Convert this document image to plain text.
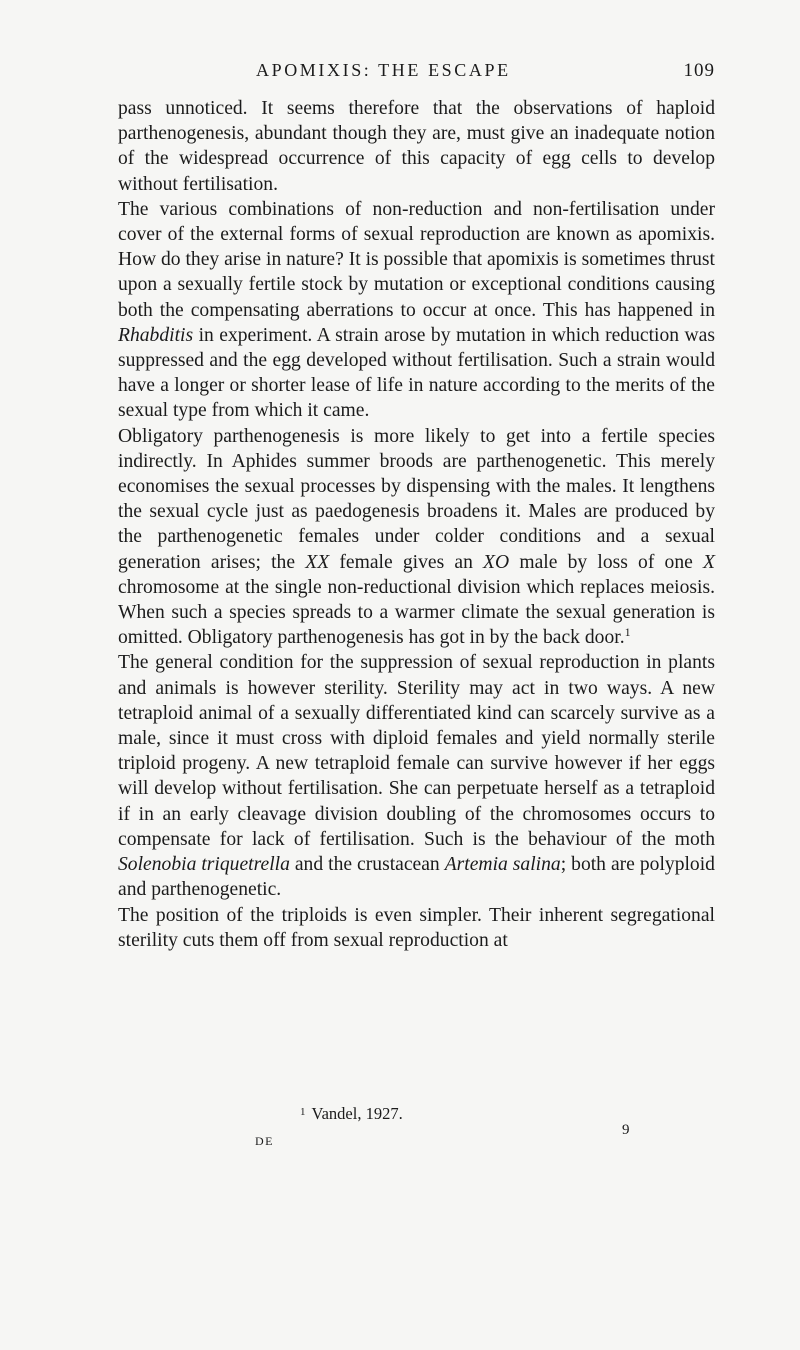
APOMIXIS: THE ESCAPE	109

pass unnoticed. It seems therefore that the observations of haploid parthenogenesis, abundant though they are, must give an inadequate notion of the widespread occurrence of this capacity of egg cells to develop without fertilisation.

The various combinations of non-reduction and non-fertilisation under cover of the external forms of sexual reproduction are known as apomixis. How do they arise in nature? It is possible that apomixis is sometimes thrust upon a sexually fertile stock by mutation or exceptional conditions causing both the compensating aberrations to occur at once. This has happened in Rhabditis in experiment. A strain arose by mutation in which reduction was suppressed and the egg developed without fertilisation. Such a strain would have a longer or shorter lease of life in nature according to the merits of the sexual type from which it came.

Obligatory parthenogenesis is more likely to get into a fertile species indirectly. In Aphides summer broods are parthenogenetic. This merely economises the sexual processes by dispensing with the males. It lengthens the sexual cycle just as paedogenesis broadens it. Males are produced by the parthenogenetic females under colder conditions and a sexual generation arises; the XX female gives an XO male by loss of one X chromosome at the single non-reductional division which replaces meiosis. When such a species spreads to a warmer climate the sexual generation is omitted. Obligatory parthenogenesis has got in by the back door.$^1$

The general condition for the suppression of sexual reproduction in plants and animals is however sterility. Sterility may act in two ways. A new tetraploid animal of a sexually differentiated kind can scarcely survive as a male, since it must cross with diploid females and yield normally sterile triploid progeny. A new tetraploid female can survive however if her eggs will develop without fertilisation. She can perpetuate herself as a tetraploid if in an early cleavage division doubling of the chromosomes occurs to compensate for lack of fertilisation. Such is the behaviour of the moth Solenobia triquetrella and the crustacean Artemia salina; both are polyploid and parthenogenetic.

The position of the triploids is even simpler. Their inherent segregational sterility cuts them off from sexual reproduction at

$^1$ Vandel, 1927.
DE
9
